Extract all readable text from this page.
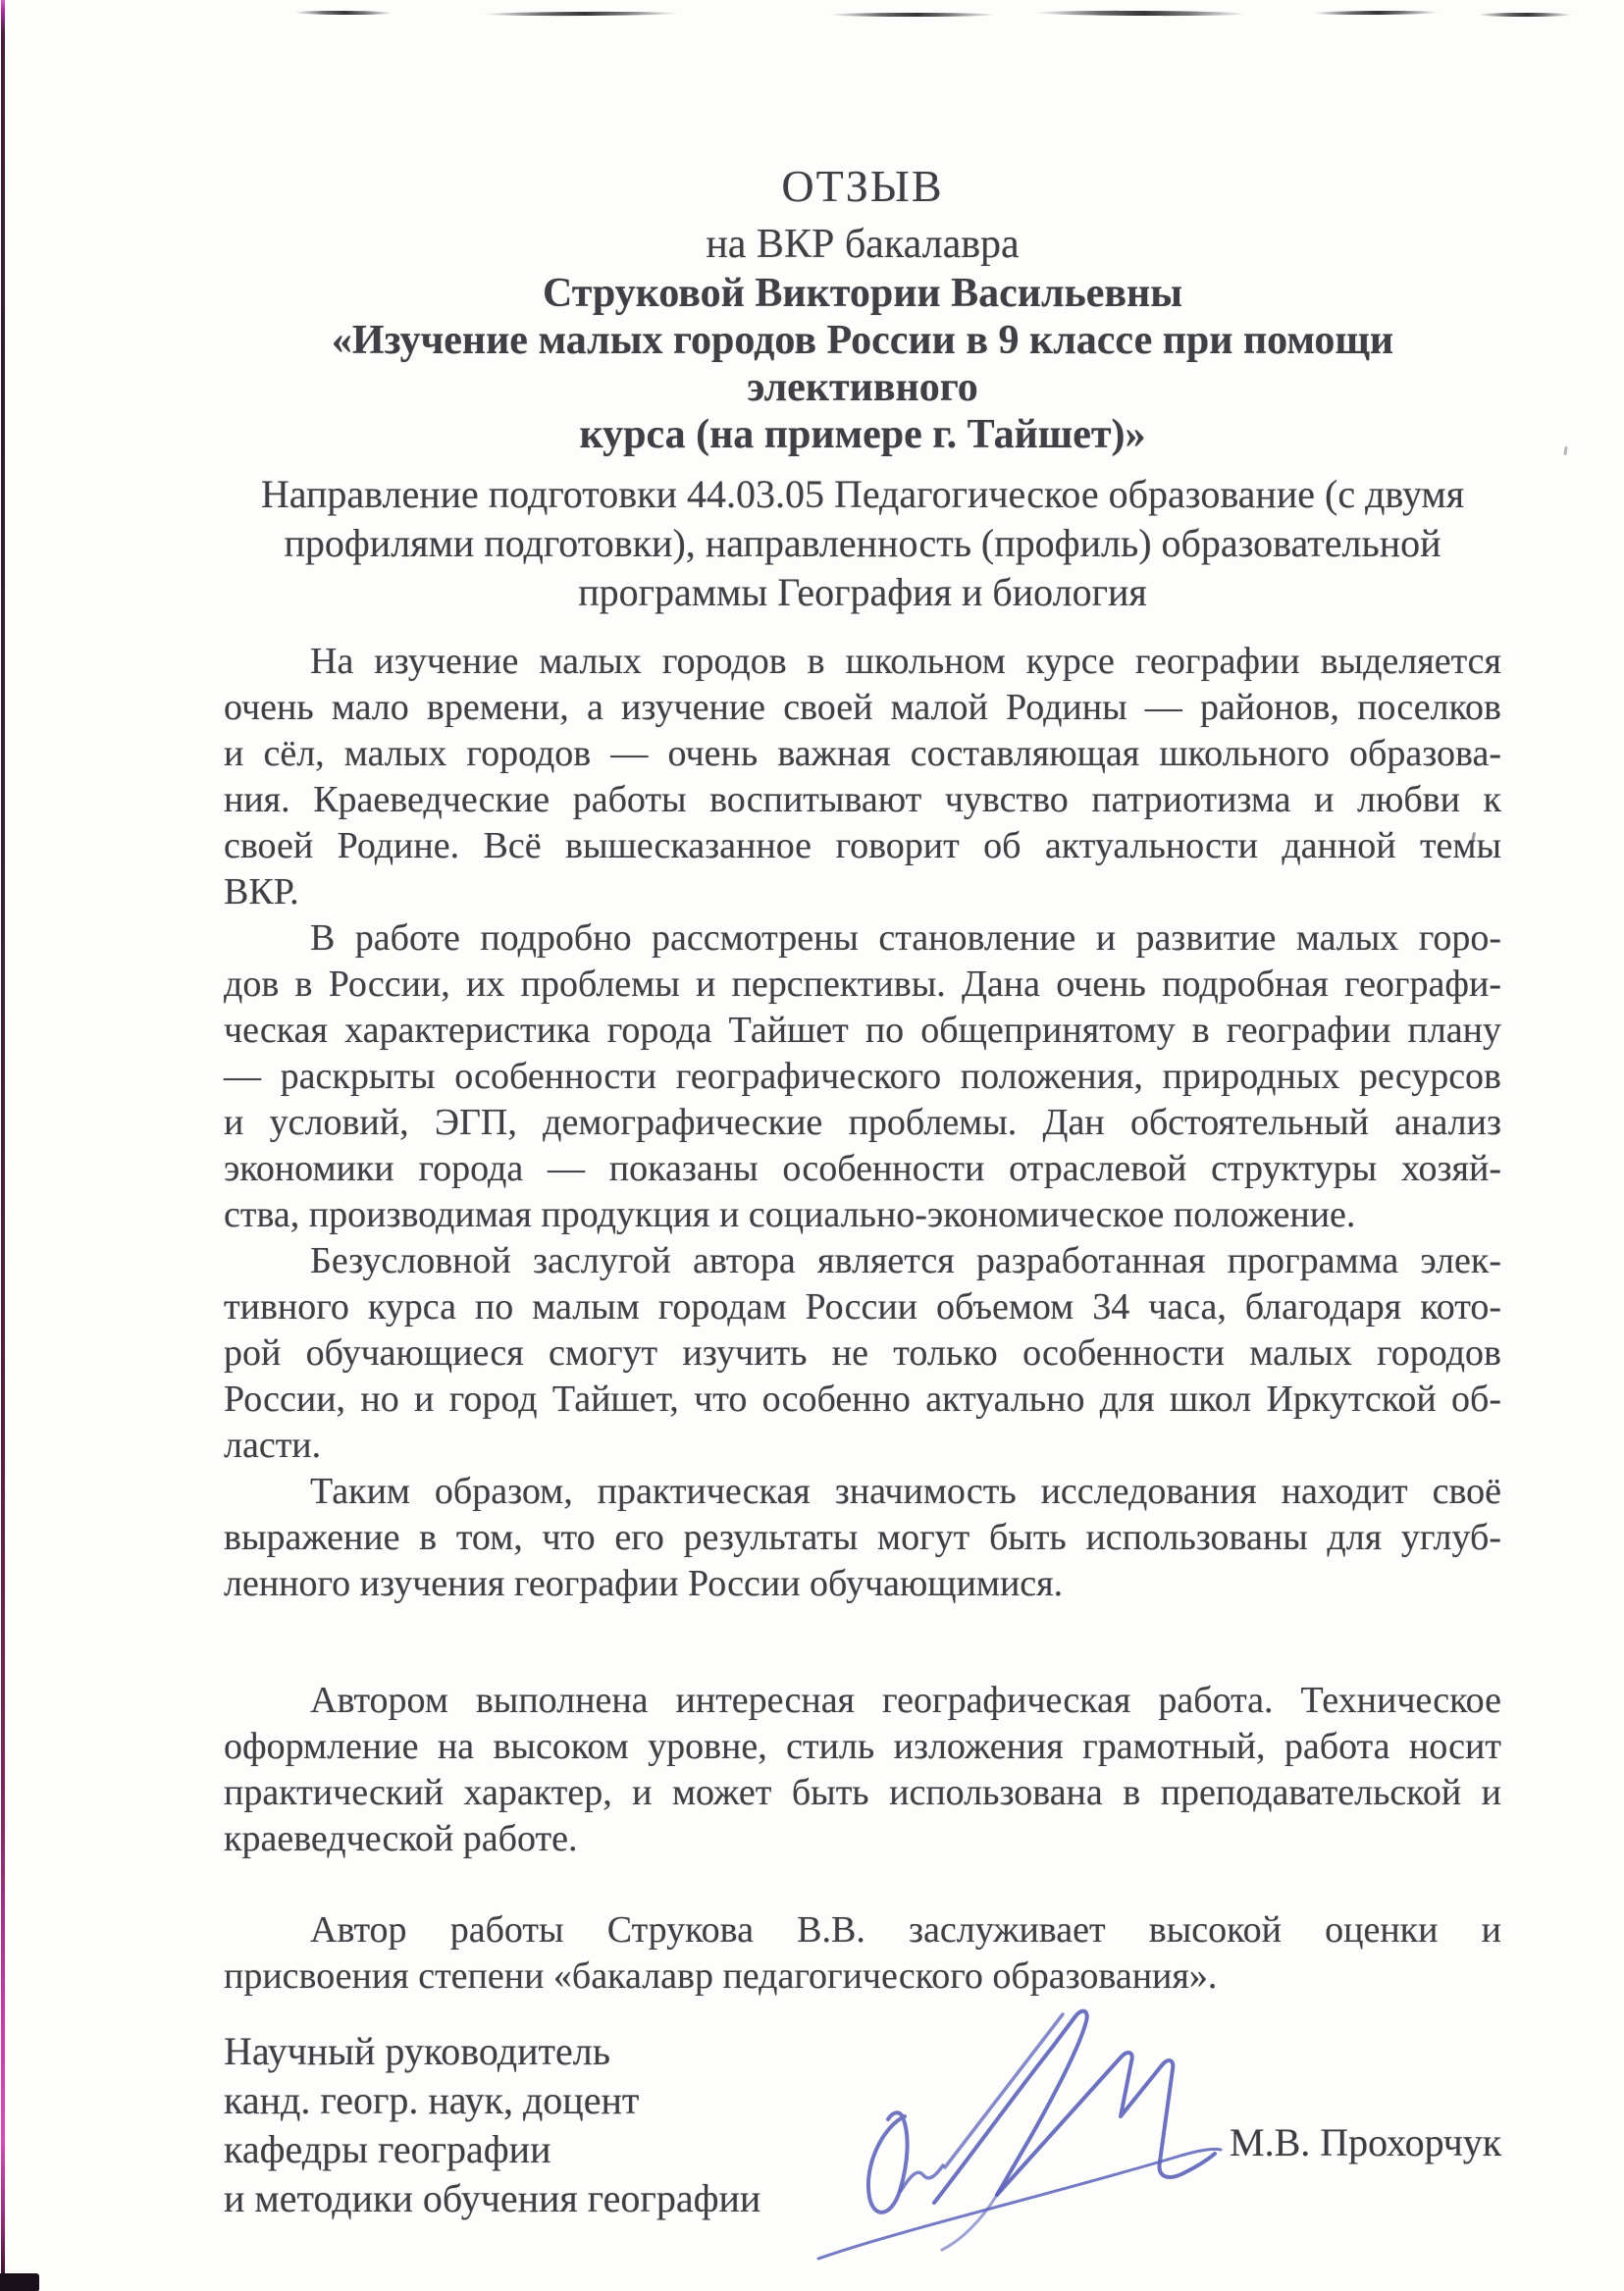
ОТЗЫВ
на ВКР бакалавра
Струковой Виктории Васильевны
«Изучение малых городов России в 9 классе при помощи элективного
курса (на примере г. Тайшет)»
Направление подготовки 44.03.05 Педагогическое образование (с двумя
профилями подготовки), направленность (профиль) образовательной
программы География и биология
На изучение малых городов в школьном курсе географии выделяется
очень мало времени, а изучение своей малой Родины — районов, поселков
и сёл, малых городов — очень важная составляющая школьного образова-
ния. Краеведческие работы воспитывают чувство патриотизма и любви к
своей Родине. Всё вышесказанное говорит об актуальности данной темы
ВКР.
В работе подробно рассмотрены становление и развитие малых горо-
дов в России, их проблемы и перспективы. Дана очень подробная географи-
ческая характеристика города Тайшет по общепринятому в географии плану
— раскрыты особенности географического положения, природных ресурсов
и условий, ЭГП, демографические проблемы. Дан обстоятельный анализ
экономики города — показаны особенности отраслевой структуры хозяй-
ства, производимая продукция и социально-экономическое положение.
Безусловной заслугой автора является разработанная программа элек-
тивного курса по малым городам России объемом 34 часа, благодаря кото-
рой обучающиеся смогут изучить не только особенности малых городов
России, но и город Тайшет, что особенно актуально для школ Иркутской об-
ласти.
Таким образом, практическая значимость исследования находит своё
выражение в том, что его результаты могут быть использованы для углуб-
ленного изучения географии России обучающимися.
Автором выполнена интересная географическая работа. Техническое
оформление на высоком уровне, стиль изложения грамотный, работа носит
практический характер, и может быть использована в преподавательской и
краеведческой работе.
Автор работы Струкова В.В. заслуживает высокой оценки и
присвоения степени «бакалавр педагогического образования».
Научный руководитель
канд. геогр. наук, доцент
кафедры географии
и методики обучения географии
М.В. Прохорчук
